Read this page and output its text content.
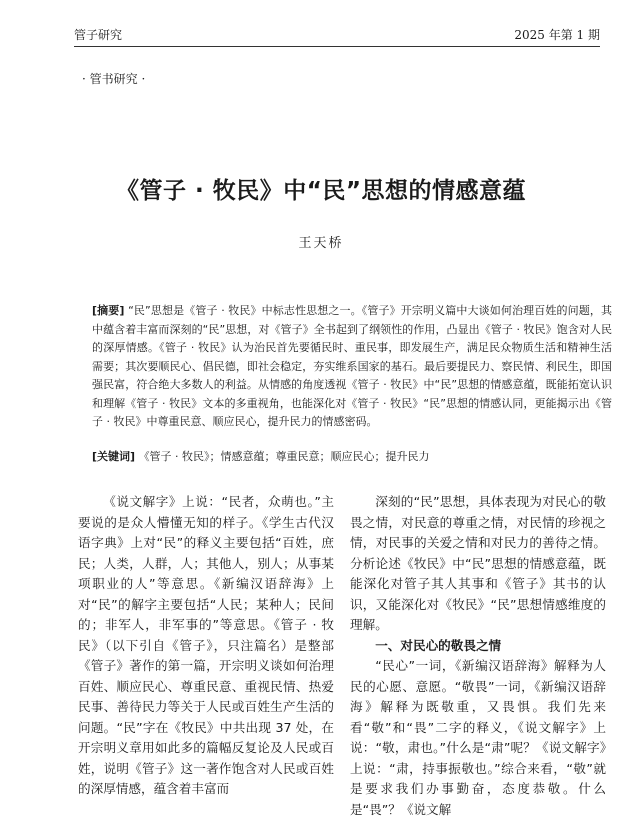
管子研究	2025 年第 1 期
· 管书研究 ·
《管子 · 牧民》中“民”思想的情感意蕴
王天桥
[摘要] “民”思想是《管子 · 牧民》中标志性思想之一。《管子》开宗明义篇中大谈如何治理百姓的问题，其中蕴含着丰富而深刻的“民”思想，对《管子》全书起到了纲领性的作用，凸显出《管子 · 牧民》饱含对人民的深厚情感。《管子 · 牧民》认为治民首先要循民时、重民事，即发展生产，满足民众物质生活和精神生活需要；其次要顺民心、倡民德，即社会稳定，夯实维系国家的基石。最后要提民力、察民情、利民生，即国强民富，符合绝大多数人的利益。从情感的角度透视《管子 · 牧民》中“民”思想的情感意蕴，既能拓宽认识和理解《管子 · 牧民》文本的多重视角，也能深化对《管子 · 牧民》“民”思想的情感认同，更能揭示出《管子 · 牧民》中尊重民意、顺应民心，提升民力的情感密码。
[关键词] 《管子 · 牧民》；情感意蕴；尊重民意；顺应民心；提升民力

《说文解字》上说：“民者，众萌也。”主要说的是众人懵懂无知的样子。《学生古代汉语字典》上对“民”的释义主要包括“百姓，庶民；人类，人群，人；其他人，别人；从事某项职业的人”等意思。《新编汉语辞海》上对“民”的解字主要包括“人民；某种人；民间的；非军人，非军事的”等意思。《管子 · 牧民》（以下引自《管子》，只注篇名）是整部《管子》著作的第一篇，开宗明义谈如何治理百姓、顺应民心、尊重民意、重视民情、热爱民事、善待民力等关于人民或百姓生产生活的问题。“民”字在《牧民》中共出现 37 处，在开宗明义章用如此多的篇幅反复论及人民或百姓，说明《管子》这一著作饱含对人民或百姓的深厚情感，蕴含着丰富而

深刻的“民”思想，具体表现为对民心的敬畏之情，对民意的尊重之情，对民情的珍视之情，对民事的关爱之情和对民力的善待之情。分析论述《牧民》中“民”思想的情感意蕴，既能深化对管子其人其事和《管子》其书的认识，又能深化对《牧民》“民”思想情感维度的理解。

一、对民心的敬畏之情

“民心”一词，《新编汉语辞海》解释为人民的心愿、意愿。“敬畏”一词，《新编汉语辞海》解释为既敬重，又畏惧。我们先来看“敬”和“畏”二字的释义，《说文解字》上说：“敬，肃也。”什么是“肃”呢？《说文解字》上说：“肃，持事振敬也。”综合来看，“敬”就是要求我们办事勤奋，态度恭敬。什么是“畏”？《说文解
